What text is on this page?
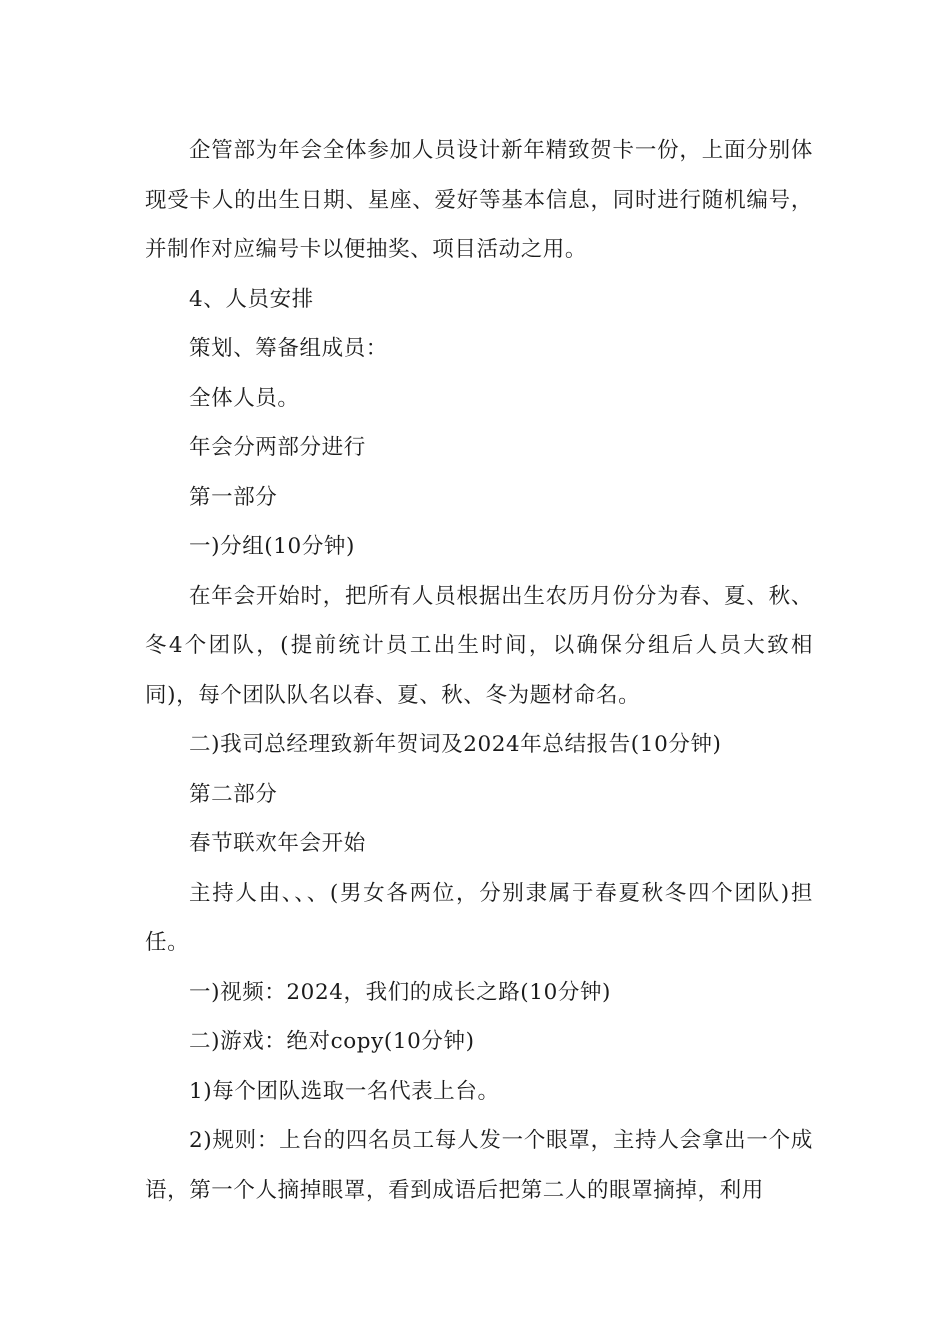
企管部为年会全体参加人员设计新年精致贺卡一份，上面分别体现受卡人的出生日期、星座、爱好等基本信息，同时进行随机编号，并制作对应编号卡以便抽奖、项目活动之用。

4、人员安排

策划、筹备组成员：

全体人员。

年会分两部分进行

第一部分

一)分组(10分钟)

在年会开始时，把所有人员根据出生农历月份分为春、夏、秋、冬4个团队，(提前统计员工出生时间，以确保分组后人员大致相同)，每个团队队名以春、夏、秋、冬为题材命名。

二)我司总经理致新年贺词及2024年总结报告(10分钟)

第二部分

春节联欢年会开始

主持人由、、、(男女各两位，分别隶属于春夏秋冬四个团队)担任。

一)视频：2024，我们的成长之路(10分钟)

二)游戏：绝对copy(10分钟)

1)每个团队选取一名代表上台。

2)规则：上台的四名员工每人发一个眼罩，主持人会拿出一个成语，第一个人摘掉眼罩，看到成语后把第二人的眼罩摘掉，利用
